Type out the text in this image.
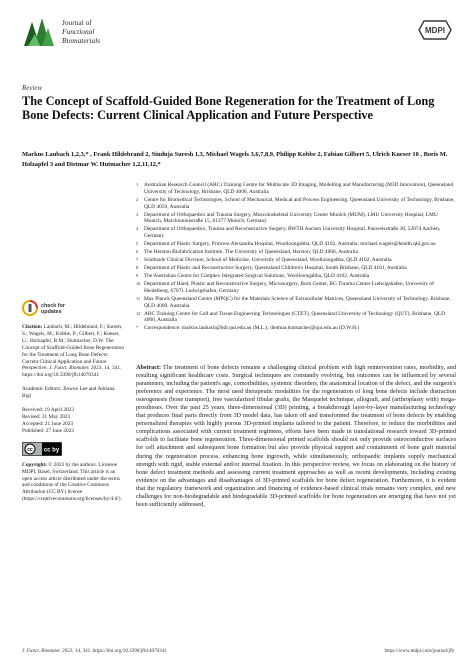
Journal of
Functional
Biomaterials
MDPI
Review
The Concept of Scaffold-Guided Bone Regeneration for the Treatment of Long Bone Defects: Current Clinical Application and Future Perspective
Markus Laubach 1,2,3,* , Frank Hildebrand 2, Sinduja Suresh 1,3, Michael Wagels 3,6,7,8,9, Philipp Kobbe 2, Fabian Gilbert 5, Ulrich Kneser 10 , Boris M. Holzapfel 3 and Dietmar W. Hutmacher 1,2,11,12,*
1	Australian Research Council (ARC) Training Centre for Multiscale 3D Imaging, Modelling and Manufacturing (M3D Innovation), Queensland University of Technology, Brisbane, QLD 4000, Australia
2	Centre for Biomedical Technologies, School of Mechanical, Medical and Process Engineering, Queensland University of Technology, Brisbane, QLD 4059, Australia
3	Department of Orthopaedics and Trauma Surgery, Musculoskeletal University Center Munich (MUM), LMU University Hospital, LMU Munich, Marchioninistraße 15, 81377 Munich, Germany
4	Department of Orthopaedics, Trauma and Reconstructive Surgery, RWTH Aachen University Hospital, Pauwelsstraße 30, 52074 Aachen, Germany
5	Department of Plastic Surgery, Princess Alexandra Hospital, Woolloongabba, QLD 4102, Australia; michael.wagels@health.qld.gov.au
6	The Herston Biofabrication Institute, The University of Queensland, Herston, QLD 4006, Australia
7	Southside Clinical Division, School of Medicine, University of Queensland, Woolloongabba, QLD 4102, Australia
8	Department of Plastic and Reconstructive Surgery, Queensland Children's Hospital, South Brisbane, QLD 4101, Australia
9	The Australian Centre for Complex Integrated Surgical Solutions, Woolloongabba, QLD 4102, Australia
10 Department of Hand, Plastic and Reconstructive Surgery, Microsurgery, Burn Center, BG Trauma Center Ludwigshafen, University of Heidelberg, 67071 Ludwigshafen, Germany
11 Max Planck Queensland Centre (MPQC) for the Materials Science of Extracellular Matrices, Queensland University of Technology, Brisbane, QLD 4000, Australia
12 ARC Training Centre for Cell and Tissue Engineering Technologies (CTET), Queensland University of Technology (QUT), Brisbane, QLD 4000, Australia
*	Correspondence: markus.laubach@hdr.qut.edu.au (M.L.); dietmar.hutmacher@qut.edu.au (D.W.H.)
check for
updates
Citation: Laubach, M.; Hildebrand, F.; Suresh, S.; Wagels, M.; Kobbe, P.; Gilbert, F.; Kneser, U.; Holzapfel, B.M.; Hutmacher, D.W. The Concept of Scaffold-Guided Bone Regeneration for the Treatment of Long Bone Defects: Current Clinical Application and Future Perspective. J. Funct. Biomater. 2023, 14, 341. https://doi.org/10.3390/jfb14070341
Academic Editors: Jinwoo Lee and Adriana Bigi
Received: 19 April 2023
Revised: 31 May 2023
Accepted: 21 June 2023
Published: 27 June 2023
cc cc by
Copyright: © 2023 by the authors. Licensee MDPI, Basel, Switzerland. This article is an open access article distributed under the terms and conditions of the Creative Commons Attribution (CC BY) license (https://creativecommons.org/licenses/by/4.0/).
Abstract: The treatment of bone defects remains a challenging clinical problem with high reintervention rates, morbidity, and resulting significant healthcare costs. Surgical techniques are constantly evolving, but outcomes can be influenced by several parameters, including the patient's age, comorbidities, systemic disorders, the anatomical location of the defect, and the surgeon's preference and experience. The most used therapeutic modalities for the regeneration of long bone defects include distraction osteogenesis (bone transport), free vascularized fibular grafts, the Masquelet technique, allograft, and (arthroplasty with) mega-prostheses. Over the past 25 years, three-dimensional (3D) printing, a breakthrough layer-by-layer manufacturing technology that produces final parts directly from 3D model data, has taken off and transformed the treatment of bone defects by enabling personalized therapies with highly porous 3D-printed implants tailored to the patient. Therefore, to reduce the morbidities and complications associated with current treatment regimens, efforts have been made in translational research toward 3D-printed scaffolds to facilitate bone regeneration. Three-dimensional printed scaffolds should not only provide osteoconductive surfaces for cell attachment and subsequent bone formation but also provide physical support and containment of bone graft material during the regeneration process, enhancing bone ingrowth, while simultaneously, orthopaedic implants supply mechanical strength with rigid, stable external and/or internal fixation. In this perspective review, we focus on elaborating on the history of bone defect treatment methods and assessing current treatment approaches as well as recent developments, including existing evidence on the advantages and disadvantages of 3D-printed scaffolds for bone defect regeneration. Furthermore, it is evident that the regulatory framework and organization and financing of evidence-based clinical trials remains very complex, and new challenges for non-biodegradable and biodegradable 3D-printed scaffolds for bone regeneration are emerging that have not yet been sufficiently addressed,
J. Funct. Biomater. 2023, 14, 341. https://doi.org/10.3390/jfb14070341	https://www.mdpi.com/journal/jfb
